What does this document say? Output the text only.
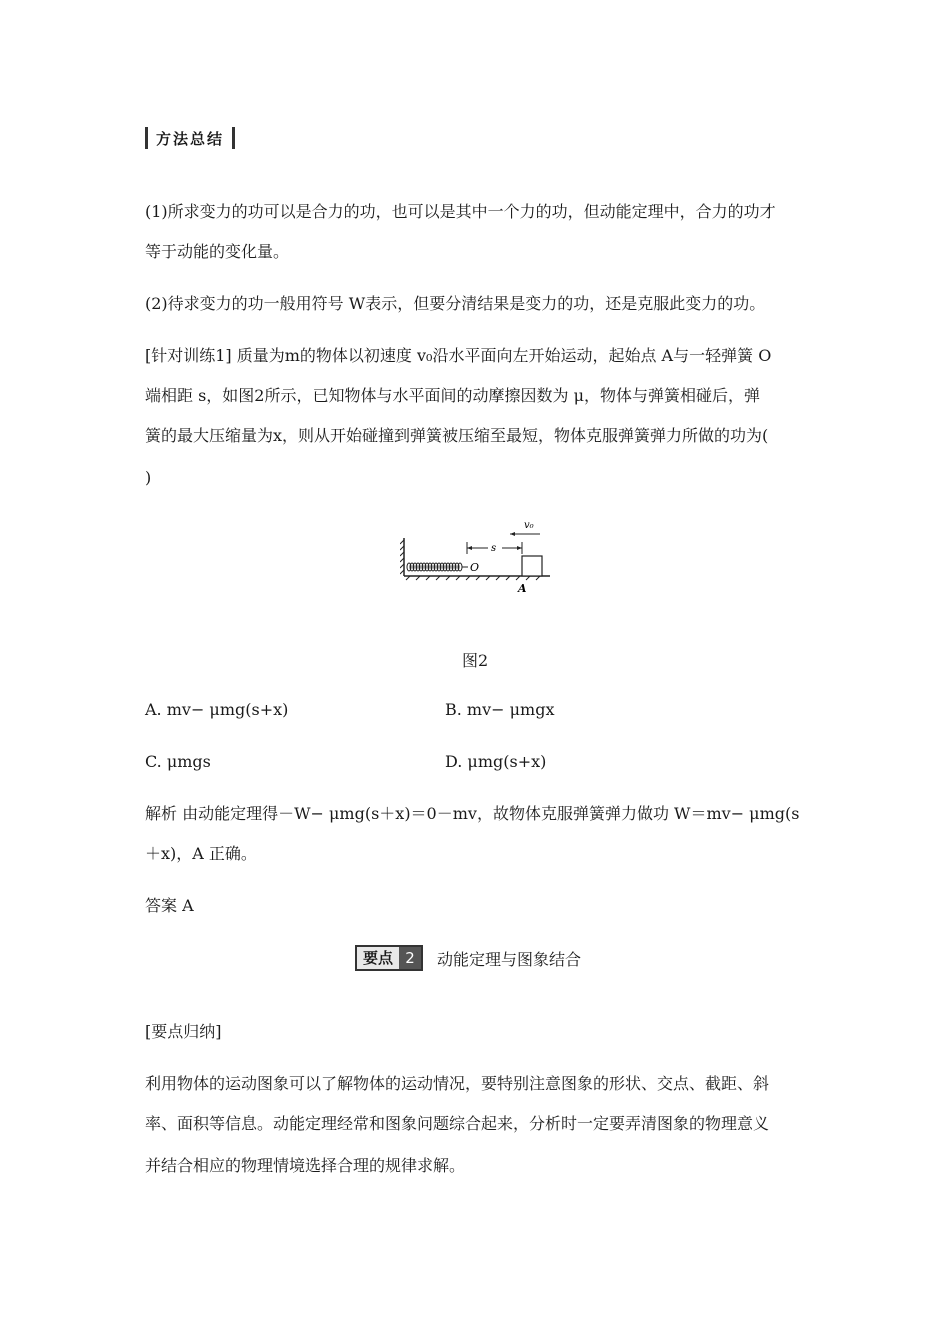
方法总结
(1)所求变力的功可以是合力的功，也可以是其中一个力的功，但动能定理中，合力的功才
等于动能的变化量。
(2)待求变力的功一般用符号 W表示，但要分清结果是变力的功，还是克服此变力的功。
[针对训练1] 质量为m的物体以初速度 v₀沿水平面向左开始运动，起始点 A与一轻弹簧 O
端相距 s，如图2所示，已知物体与水平面间的动摩擦因数为 μ，物体与弹簧相碰后，弹
簧的最大压缩量为x，则从开始碰撞到弹簧被压缩至最短，物体克服弹簧弹力所做的功为(
)
O
s
v₀
A
图2
A. mv− μmg(s+x)	B. mv− μmgx
C. μmgs	D. μmg(s+x)
解析 由动能定理得－W− μmg(s＋x)＝0－mv，故物体克服弹簧弹力做功 W＝mv− μmg(s
＋x)，A 正确。
答案 A
要点 2	动能定理与图象结合
[要点归纳]
利用物体的运动图象可以了解物体的运动情况，要特别注意图象的形状、交点、截距、斜
率、面积等信息。动能定理经常和图象问题综合起来，分析时一定要弄清图象的物理意义
并结合相应的物理情境选择合理的规律求解。
